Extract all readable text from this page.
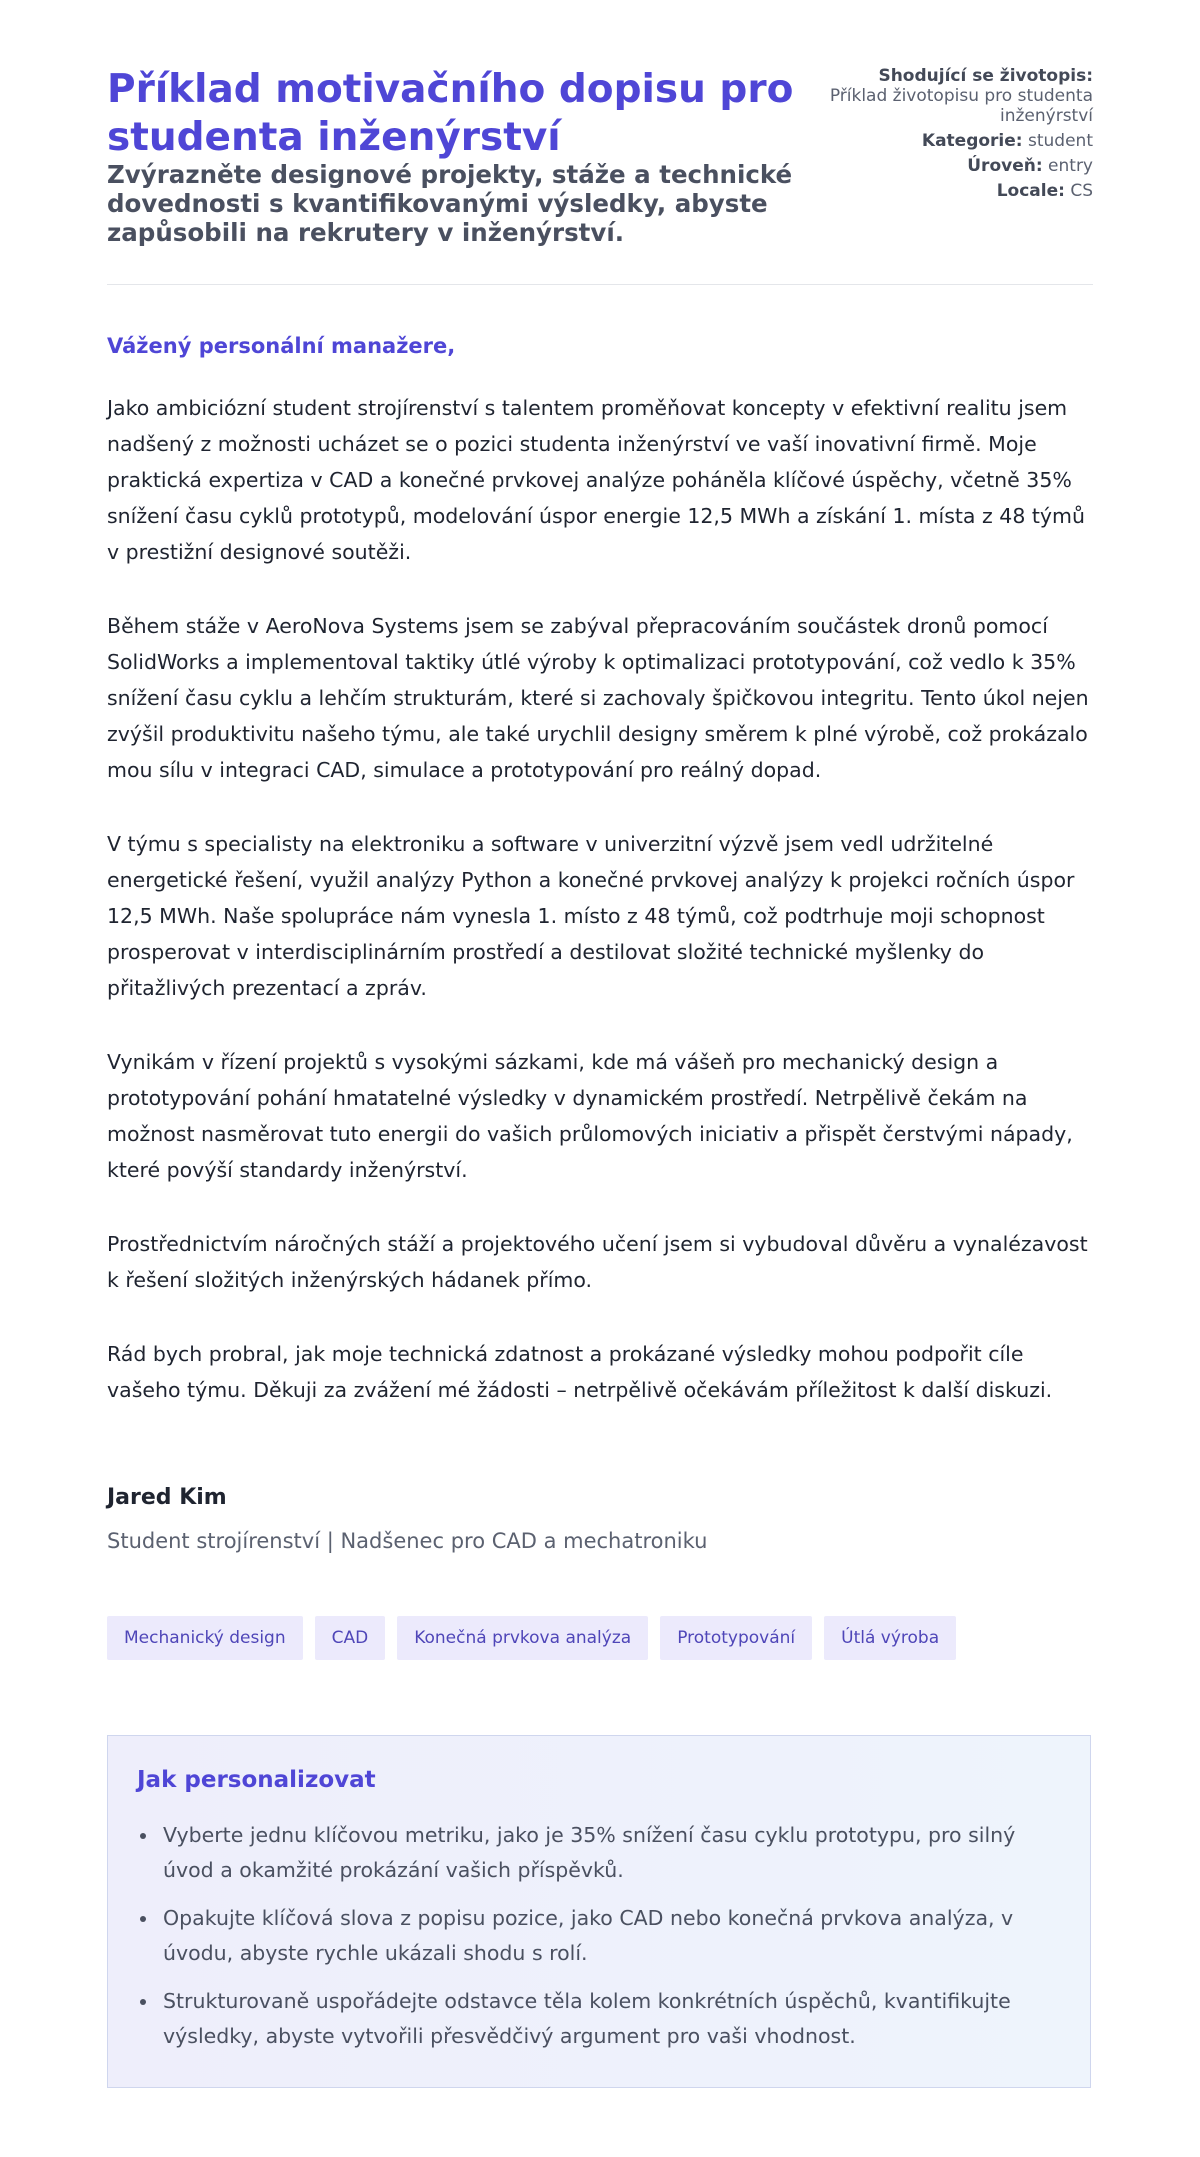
Příklad motivačního dopisu pro studenta inženýrství
Zvýrazněte designové projekty, stáže a technické dovednosti s kvantifikovanými výsledky, abyste zapůsobili na rekrutery v inženýrství.
Shodující se životopis:
Příklad životopisu pro studenta inženýrství
Kategorie: student
Úroveň: entry
Locale: CS

Vážený personální manažere,

Jako ambiciózní student strojírenství s talentem proměňovat koncepty v efektivní realitu jsem nadšený z možnosti ucházet se o pozici studenta inženýrství ve vaší inovativní firmě. Moje praktická expertiza v CAD a konečné prvkovej analýze poháněla klíčové úspěchy, včetně 35% snížení času cyklů prototypů, modelování úspor energie 12,5 MWh a získání 1. místa z 48 týmů v prestižní designové soutěži.

Během stáže v AeroNova Systems jsem se zabýval přepracováním součástek dronů pomocí SolidWorks a implementoval taktiky útlé výroby k optimalizaci prototypování, což vedlo k 35% snížení času cyklu a lehčím strukturám, které si zachovaly špičkovou integritu. Tento úkol nejen zvýšil produktivitu našeho týmu, ale také urychlil designy směrem k plné výrobě, což prokázalo mou sílu v integraci CAD, simulace a prototypování pro reálný dopad.

V týmu s specialisty na elektroniku a software v univerzitní výzvě jsem vedl udržitelné energetické řešení, využil analýzy Python a konečné prvkovej analýzy k projekci ročních úspor 12,5 MWh. Naše spolupráce nám vynesla 1. místo z 48 týmů, což podtrhuje moji schopnost prosperovat v interdisciplinárním prostředí a destilovat složité technické myšlenky do přitažlivých prezentací a zpráv.

Vynikám v řízení projektů s vysokými sázkami, kde má vášeň pro mechanický design a prototypování pohání hmatatelné výsledky v dynamickém prostředí. Netrpělivě čekám na možnost nasměrovat tuto energii do vašich průlomových iniciativ a přispět čerstvými nápady, které povýší standardy inženýrství.

Prostřednictvím náročných stáží a projektového učení jsem si vybudoval důvěru a vynalézavost k řešení složitých inženýrských hádanek přímo.

Rád bych probral, jak moje technická zdatnost a prokázané výsledky mohou podpořit cíle vašeho týmu. Děkuji za zvážení mé žádosti – netrpělivě očekávám příležitost k další diskuzi.

Jared Kim

Student strojírenství | Nadšenec pro CAD a mechatroniku

Mechanický design	CAD	Konečná prvkova analýza	Prototypování	Útlá výroba
Jak personalizovat
Vyberte jednu klíčovou metriku, jako je 35% snížení času cyklu prototypu, pro silný úvod a okamžité prokázání vašich příspěvků.
Opakujte klíčová slova z popisu pozice, jako CAD nebo konečná prvkova analýza, v úvodu, abyste rychle ukázali shodu s rolí.
Strukturovaně uspořádejte odstavce těla kolem konkrétních úspěchů, kvantifikujte výsledky, abyste vytvořili přesvědčivý argument pro vaši vhodnost.
